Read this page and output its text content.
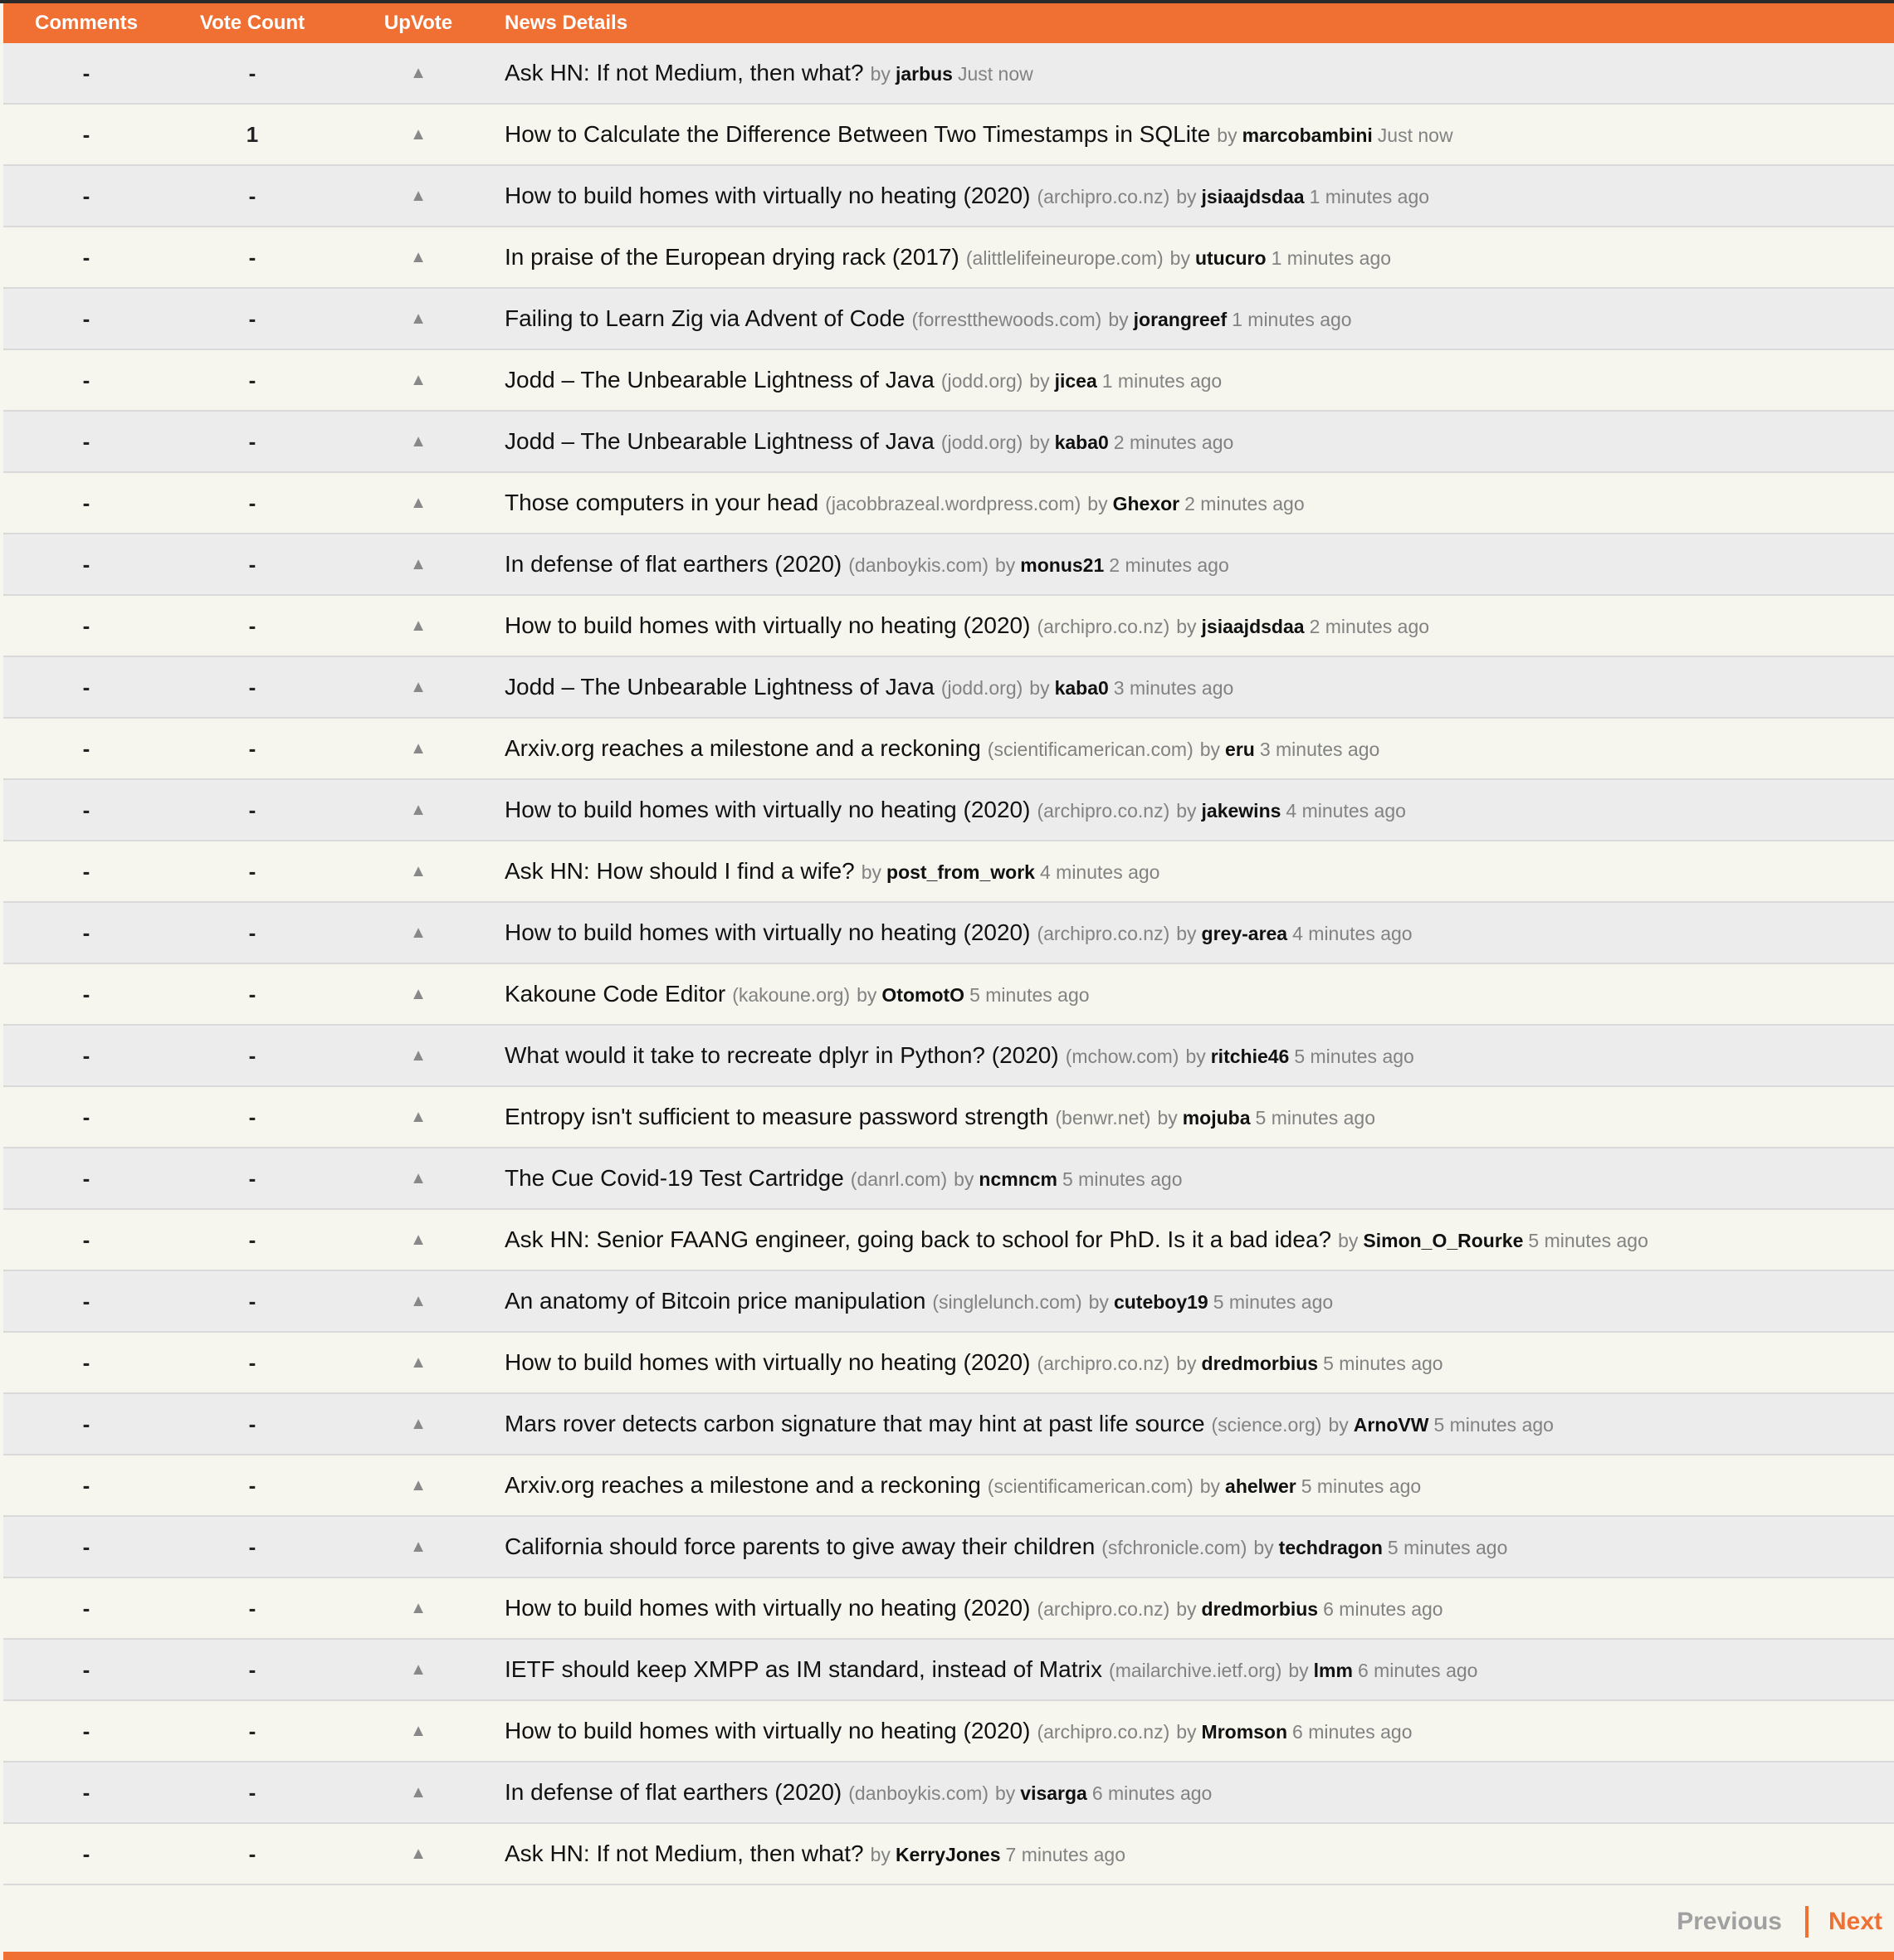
Comments	Vote Count	UpVote	News Details
-	-	▲	Ask HN: If not Medium, then what? by jarbus Just now
-	1	▲	How to Calculate the Difference Between Two Timestamps in SQLite by marcobambini Just now
-	-	▲	How to build homes with virtually no heating (2020) (archipro.co.nz) by jsiaajdsdaa 1 minutes ago
-	-	▲	In praise of the European drying rack (2017) (alittlelifeineurope.com) by utucuro 1 minutes ago
-	-	▲	Failing to Learn Zig via Advent of Code (forrestthewoods.com) by jorangreef 1 minutes ago
-	-	▲	Jodd – The Unbearable Lightness of Java (jodd.org) by jicea 1 minutes ago
-	-	▲	Jodd – The Unbearable Lightness of Java (jodd.org) by kaba0 2 minutes ago
-	-	▲	Those computers in your head (jacobbrazeal.wordpress.com) by Ghexor 2 minutes ago
-	-	▲	In defense of flat earthers (2020) (danboykis.com) by monus21 2 minutes ago
-	-	▲	How to build homes with virtually no heating (2020) (archipro.co.nz) by jsiaajdsdaa 2 minutes ago
-	-	▲	Jodd – The Unbearable Lightness of Java (jodd.org) by kaba0 3 minutes ago
-	-	▲	Arxiv.org reaches a milestone and a reckoning (scientificamerican.com) by eru 3 minutes ago
-	-	▲	How to build homes with virtually no heating (2020) (archipro.co.nz) by jakewins 4 minutes ago
-	-	▲	Ask HN: How should I find a wife? by post_from_work 4 minutes ago
-	-	▲	How to build homes with virtually no heating (2020) (archipro.co.nz) by grey-area 4 minutes ago
-	-	▲	Kakoune Code Editor (kakoune.org) by OtomotO 5 minutes ago
-	-	▲	What would it take to recreate dplyr in Python? (2020) (mchow.com) by ritchie46 5 minutes ago
-	-	▲	Entropy isn't sufficient to measure password strength (benwr.net) by mojuba 5 minutes ago
-	-	▲	The Cue Covid-19 Test Cartridge (danrl.com) by ncmncm 5 minutes ago
-	-	▲	Ask HN: Senior FAANG engineer, going back to school for PhD. Is it a bad idea? by Simon_O_Rourke 5 minutes ago
-	-	▲	An anatomy of Bitcoin price manipulation (singlelunch.com) by cuteboy19 5 minutes ago
-	-	▲	How to build homes with virtually no heating (2020) (archipro.co.nz) by dredmorbius 5 minutes ago
-	-	▲	Mars rover detects carbon signature that may hint at past life source (science.org) by ArnoVW 5 minutes ago
-	-	▲	Arxiv.org reaches a milestone and a reckoning (scientificamerican.com) by ahelwer 5 minutes ago
-	-	▲	California should force parents to give away their children (sfchronicle.com) by techdragon 5 minutes ago
-	-	▲	How to build homes with virtually no heating (2020) (archipro.co.nz) by dredmorbius 6 minutes ago
-	-	▲	IETF should keep XMPP as IM standard, instead of Matrix (mailarchive.ietf.org) by lmm 6 minutes ago
-	-	▲	How to build homes with virtually no heating (2020) (archipro.co.nz) by Mromson 6 minutes ago
-	-	▲	In defense of flat earthers (2020) (danboykis.com) by visarga 6 minutes ago
-	-	▲	Ask HN: If not Medium, then what? by KerryJones 7 minutes ago
Previous Next
